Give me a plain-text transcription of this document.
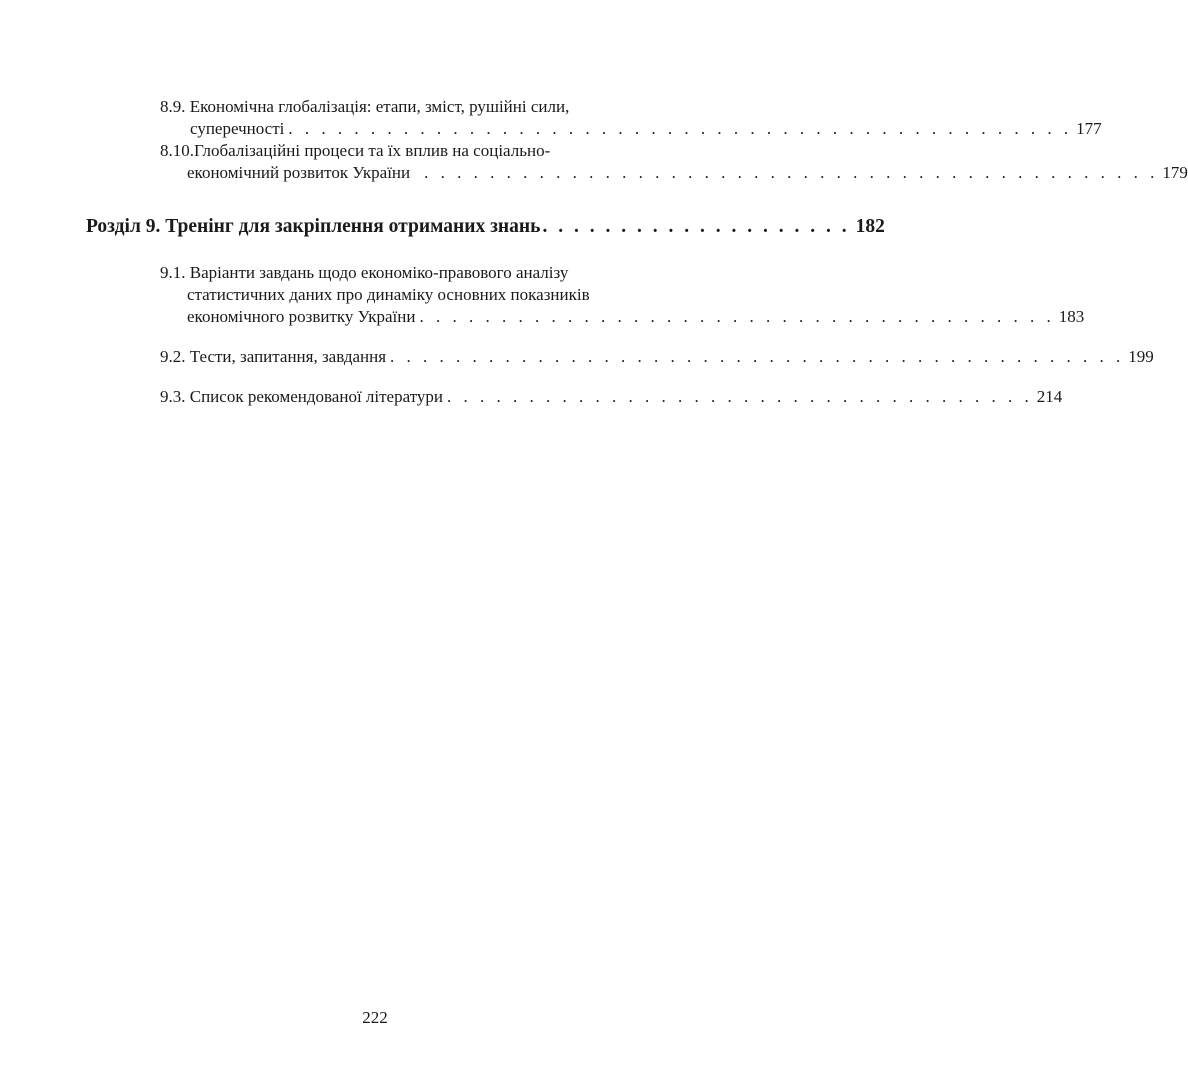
8.9. Економічна глобалізація: етапи, зміст, рушійні сили,
суперечності . . . . . . . . . . . . . . . . . . . . . . . . . . . . . . . . . . . . . . . . . . . . . . . . 177
8.10.Глобалізаційні процеси та їх вплив на соціально-
економічний розвиток України . . . . . . . . . . . . . . . . . . . . . . . . . . . . . . . . . . . . . . . . . . . . . 179
Розділ 9. Тренінг для закріплення отриманих знань . . . . . . . . . . . . . . . . . . . . 182
9.1. Варіанти завдань щодо економіко-правового аналізу
статистичних даних про динаміку основних показників
економічного розвитку України . . . . . . . . . . . . . . . . . . . . . . . . . . . . . . . . . . . . . . . 183
9.2. Тести, запитання, завдання . . . . . . . . . . . . . . . . . . . . . . . . . . . . . . . . . . . . . . . . . . . . . 199
9.3. Список рекомендованої літератури . . . . . . . . . . . . . . . . . . . . . . . . . . . . . . . . . . . . 214
222
